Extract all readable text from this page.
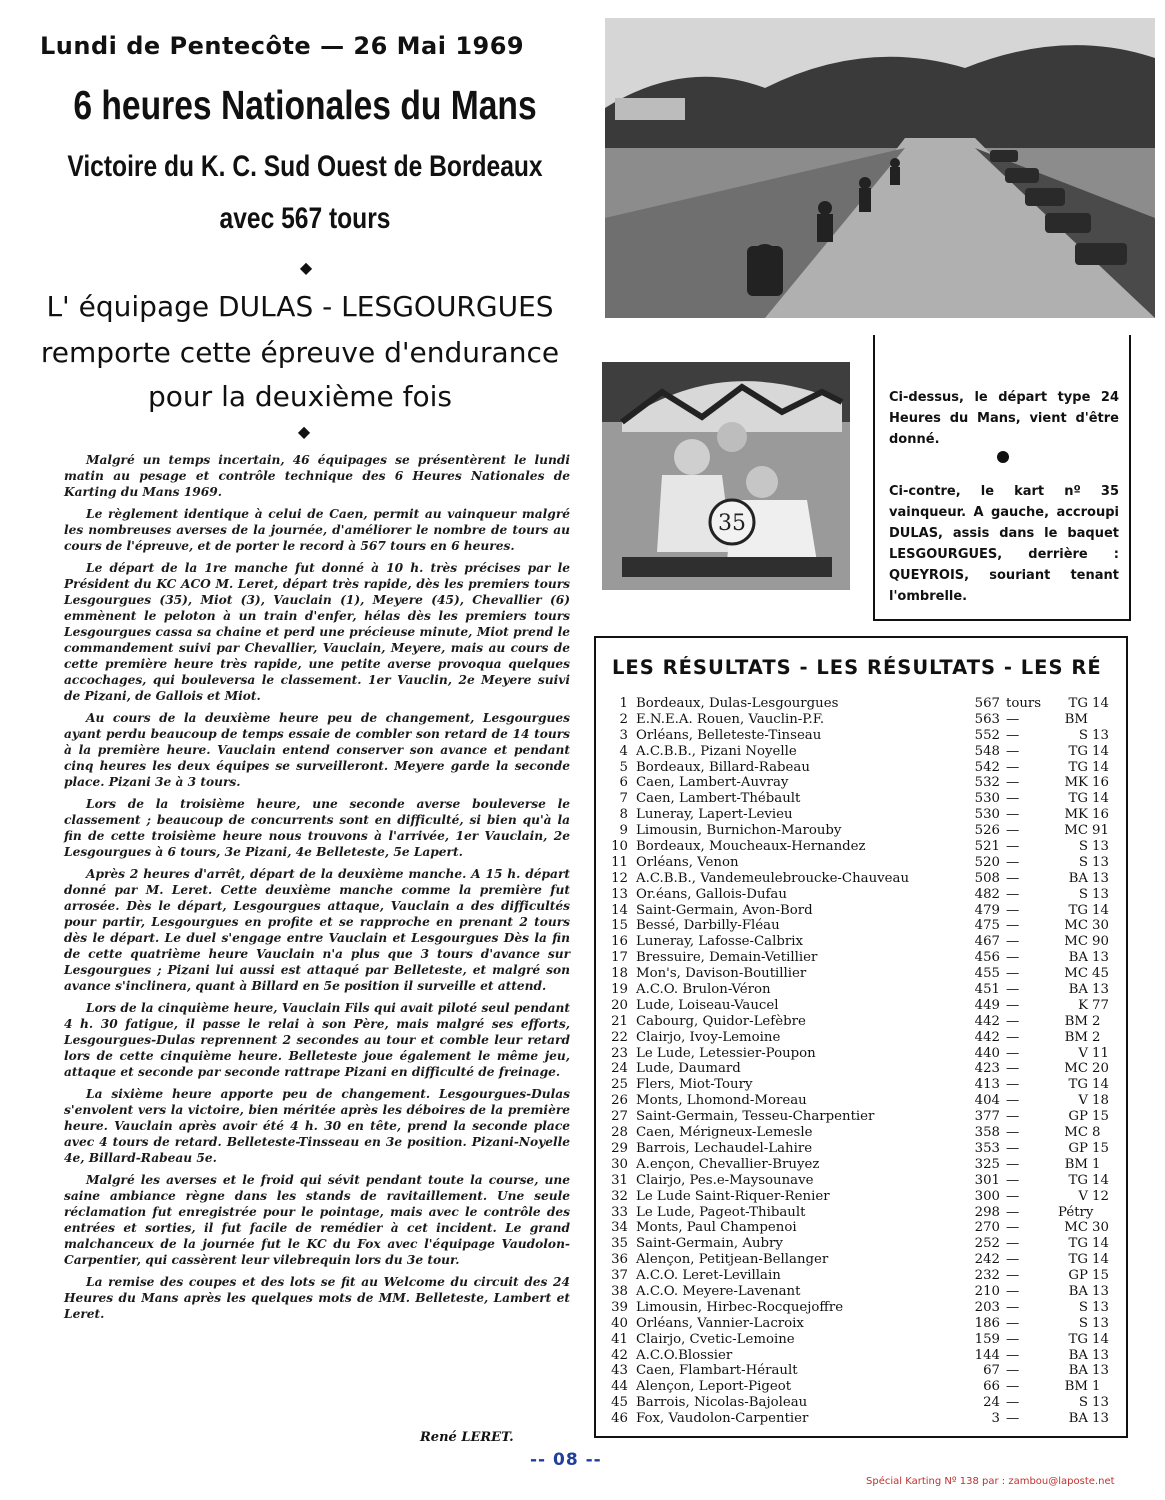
Lundi de Pentecôte — 26 Mai 1969
6 heures Nationales du Mans
Victoire du K. C. Sud Ouest de Bordeaux
avec 567 tours
◆
L' équipage DULAS - LESGOURGUES
remporte cette épreuve d'endurance
pour la deuxième fois
◆
35
Ci-dessus, le départ type 24 Heures du Mans, vient d'être donné.
Ci-contre, le kart nº 35 vainqueur. A gauche, accroupi DULAS, assis dans le baquet LESGOURGUES, derrière : QUEYROIS, souriant tenant l'ombrelle.

Malgré un temps incertain, 46 équipages se présentèrent le lundi matin au pesage et contrôle technique des 6 Heures Nationales de Karting du Mans 1969.

Le règlement identique à celui de Caen, permit au vainqueur malgré les nombreuses averses de la journée, d'améliorer le nombre de tours au cours de l'épreuve, et de porter le record à 567 tours en 6 heures.

Le départ de la 1re manche fut donné à 10 h. très précises par le Président du KC ACO M. Leret, départ très rapide, dès les premiers tours Lesgourgues (35), Miot (3), Vauclain (1), Meyere (45), Chevallier (6) emmènent le peloton à un train d'enfer, hélas dès les premiers tours Lesgourgues cassa sa chaine et perd une précieuse minute, Miot prend le commandement suivi par Chevallier, Vauclain, Meyere, mais au cours de cette première heure très rapide, une petite averse provoqua quelques accochages, qui bouleversa le classement. 1er Vauclin, 2e Meyere suivi de Pizani, de Gallois et Miot.

Au cours de la deuxième heure peu de changement, Lesgourgues ayant perdu beaucoup de temps essaie de combler son retard de 14 tours à la première heure. Vauclain entend conserver son avance et pendant cinq heures les deux équipes se surveilleront. Meyere garde la seconde place. Pizani 3e à 3 tours.

Lors de la troisième heure, une seconde averse bouleverse le classement ; beaucoup de concurrents sont en difficulté, si bien qu'à la fin de cette troisième heure nous trouvons à l'arrivée, 1er Vauclain, 2e Lesgourgues à 6 tours, 3e Pizani, 4e Belleteste, 5e Lapert.

Après 2 heures d'arrêt, départ de la deuxième manche. A 15 h. départ donné par M. Leret. Cette deuxième manche comme la première fut arrosée. Dès le départ, Lesgourgues attaque, Vauclain a des difficultés pour partir, Lesgourgues en profite et se rapproche en prenant 2 tours dès le départ. Le duel s'engage entre Vauclain et Lesgourgues Dès la fin de cette quatrième heure Vauclain n'a plus que 3 tours d'avance sur Lesgourgues ; Pizani lui aussi est attaqué par Belleteste, et malgré son avance s'inclinera, quant à Billard en 5e position il surveille et attend.

Lors de la cinquième heure, Vauclain Fils qui avait piloté seul pendant 4 h. 30 fatigue, il passe le relai à son Père, mais malgré ses efforts, Lesgourgues-Dulas reprennent 2 secondes au tour et comble leur retard lors de cette cinquième heure. Belleteste joue également le même jeu, attaque et seconde par seconde rattrape Pizani en difficulté de freinage.

La sixième heure apporte peu de changement. Lesgourgues-Dulas s'envolent vers la victoire, bien méritée après les déboires de la première heure. Vauclain après avoir été 4 h. 30 en tête, prend la seconde place avec 4 tours de retard. Belleteste-Tinsseau en 3e position. Pizani-Noyelle 4e, Billard-Rabeau 5e.

Malgré les averses et le froid qui sévit pendant toute la course, une saine ambiance règne dans les stands de ravitaillement. Une seule réclamation fut enregistrée pour le pointage, mais avec le contrôle des entrées et sorties, il fut facile de remédier à cet incident. Le grand malchanceux de la journée fut le KC du Fox avec l'équipage Vaudolon-Carpentier, qui cassèrent leur vilebrequin lors du 3e tour.

La remise des coupes et des lots se fit au Welcome du circuit des 24 Heures du Mans après les quelques mots de MM. Belleteste, Lambert et Leret.

René LERET.
LES RÉSULTATS - LES RÉSULTATS - LES RÉ
1 Bordeaux, Dulas-Lesgourgues	567 tours	TG 14
2 E.N.E.A. Rouen, Vauclin-P.F.	563 —	BM
3 Orléans, Belleteste-Tinseau	552 —	S 13
4 A.C.B.B., Pizani Noyelle	548 —	TG 14
5 Bordeaux, Billard-Rabeau	542 —	TG 14
6 Caen, Lambert-Auvray	532 —	MK 16
7 Caen, Lambert-Thébault	530 —	TG 14
8 Luneray, Lapert-Levieu	530 —	MK 16
9 Limousin, Burnichon-Marouby	526 —	MC 91
10 Bordeaux, Moucheaux-Hernandez	521 —	S 13
11 Orléans, Venon	520 —	S 13
12 A.C.B.B., Vandemeulebroucke-Chauveau	508 —	BA 13
13 Or.éans, Gallois-Dufau	482 —	S 13
14 Saint-Germain, Avon-Bord	479 —	TG 14
15 Bessé, Darbilly-Fléau	475 —	MC 30
16 Luneray, Lafosse-Calbrix	467 —	MC 90
17 Bressuire, Demain-Vetillier	456 —	BA 13
18 Mon's, Davison-Boutillier	455 —	MC 45
19 A.C.O. Brulon-Véron	451 —	BA 13
20 Lude, Loiseau-Vaucel	449 —	K 77
21 Cabourg, Quidor-Lefèbre	442 —	BM 2
22 Clairjo, Ivoy-Lemoine	442 —	BM 2
23 Le Lude, Letessier-Poupon	440 —	V 11
24 Lude, Daumard	423 —	MC 20
25 Flers, Miot-Toury	413 —	TG 14
26 Monts, Lhomond-Moreau	404 —	V 18
27 Saint-Germain, Tesseu-Charpentier	377 —	GP 15
28 Caen, Mérigneux-Lemesle	358 —	MC 8
29 Barrois, Lechaudel-Lahire	353 —	GP 15
30 A.ençon, Chevallier-Bruyez	325 —	BM 1
31 Clairjo, Pes.e-Maysounave	301 —	TG 14
32 Le Lude Saint-Riquer-Renier	300 —	V 12
33 Le Lude, Pageot-Thibault	298 —	Pétry
34 Monts, Paul Champenoi	270 —	MC 30
35 Saint-Germain, Aubry	252 —	TG 14
36 Alençon, Petitjean-Bellanger	242 —	TG 14
37 A.C.O. Leret-Levillain	232 —	GP 15
38 A.C.O. Meyere-Lavenant	210 —	BA 13
39 Limousin, Hirbec-Rocquejoffre	203 —	S 13
40 Orléans, Vannier-Lacroix	186 —	S 13
41 Clairjo, Cvetic-Lemoine	159 —	TG 14
42 A.C.O.Blossier	144 —	BA 13
43 Caen, Flambart-Hérault	67 —	BA 13
44 Alençon, Leport-Pigeot	66 —	BM 1
45 Barrois, Nicolas-Bajoleau	24 —	S 13
46 Fox, Vaudolon-Carpentier	3 —	BA 13
-- 08 --
Spécial Karting Nº 138 par : zambou@laposte.net
